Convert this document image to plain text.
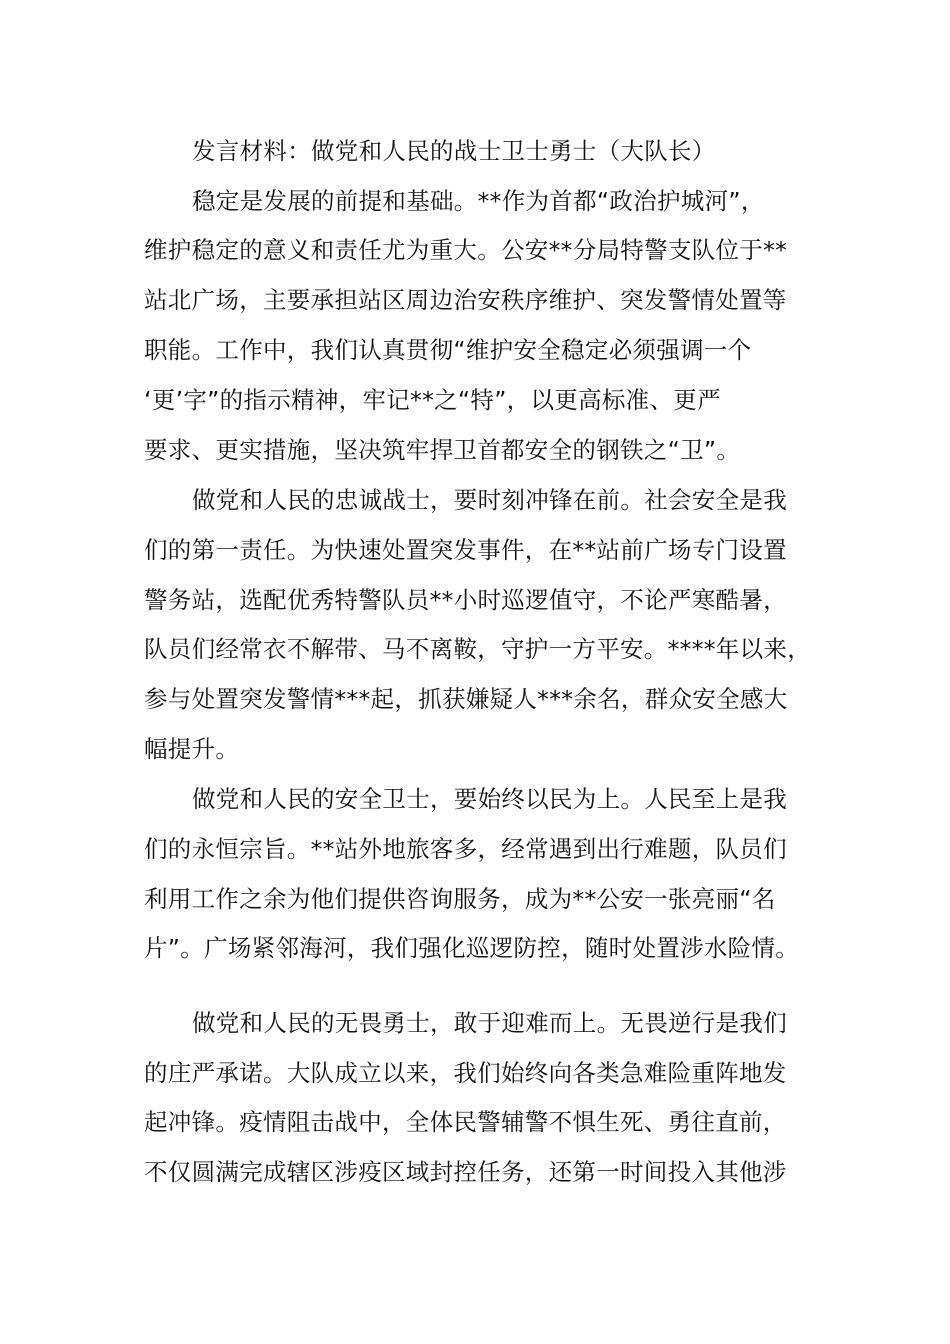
发言材料：做党和人民的战士卫士勇士（大队长）
稳定是发展的前提和基础。**作为首都“政治护城河”，
维护稳定的意义和责任尤为重大。公安**分局特警支队位于**
站北广场，主要承担站区周边治安秩序维护、突发警情处置等
职能。工作中，我们认真贯彻“维护安全稳定必须强调一个
‘更’字”的指示精神，牢记**之“特”，以更高标准、更严
要求、更实措施，坚决筑牢捍卫首都安全的钢铁之“卫”。
做党和人民的忠诚战士，要时刻冲锋在前。社会安全是我
们的第一责任。为快速处置突发事件，在**站前广场专门设置
警务站，选配优秀特警队员**小时巡逻值守，不论严寒酷暑，
队员们经常衣不解带、马不离鞍，守护一方平安。****年以来，
参与处置突发警情***起，抓获嫌疑人***余名，群众安全感大
幅提升。
做党和人民的安全卫士，要始终以民为上。人民至上是我
们的永恒宗旨。**站外地旅客多，经常遇到出行难题，队员们
利用工作之余为他们提供咨询服务，成为**公安一张亮丽“名
片”。广场紧邻海河，我们强化巡逻防控，随时处置涉水险情。
做党和人民的无畏勇士，敢于迎难而上。无畏逆行是我们
的庄严承诺。大队成立以来，我们始终向各类急难险重阵地发
起冲锋。疫情阻击战中，全体民警辅警不惧生死、勇往直前，
不仅圆满完成辖区涉疫区域封控任务，还第一时间投入其他涉
